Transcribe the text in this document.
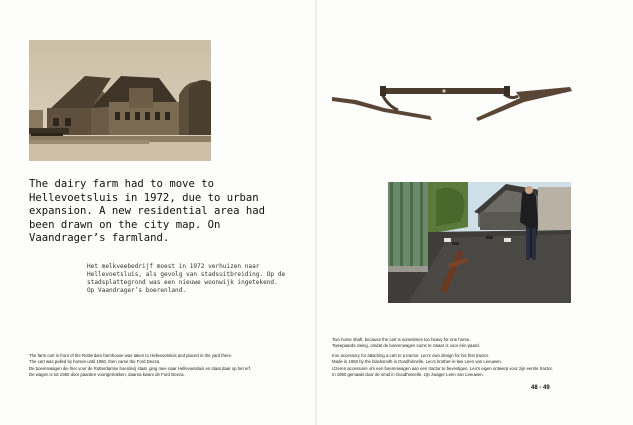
The dairy farm had to move to Hellevoetsluis in 1972, due to urban expansion. A new residential area had been drawn on the city map. On Vaandrager’s farmland.
Het melkveebedrijf moest in 1972 verhuizen naar Hellevoetsluis, als gevolg van stadsuitbreiding. Op de stadsplattegrond was een nieuwe woonwijk ingetekend. Op Vaandrager’s boerenland.
The farm cart in front of the Rotterdam farmhouse was taken to Hellevoetsluis and placed in the yard there.
The cart was pulled by horses until 1950, then came the Ford Deeza.
De boerenwagen die hier voor de Rotterdamse boerderij staat, ging mee naar Hellevoetsluis en staat daar op het erf.
De wagen is tot 1950 door paarden voortgetrokken, daarna kwam de Ford Deeza.
Two horse shaft, because the cart is sometimes too heavy for one horse.
Tweepaards-zwing, omdat de boerenwagen soms te zwaar is voor één paard.
Iron accessory for attaching a cart to a tractor. Leo’s own design for his first tractor.
Made in 1950 by the blacksmith in Oosdhinnelle, Leo’s brother-in-law Leen van Leeuwen.
IJzeren accessoire om een boerenwagen aan een tractor te bevestigen. Leo’s eigen ontwerp voor zijn eerste tractor.
In 1950 gemaakt door de smid in Ooudhinnelle, zijn zwager Leen van Leeuwen.
48 - 49
